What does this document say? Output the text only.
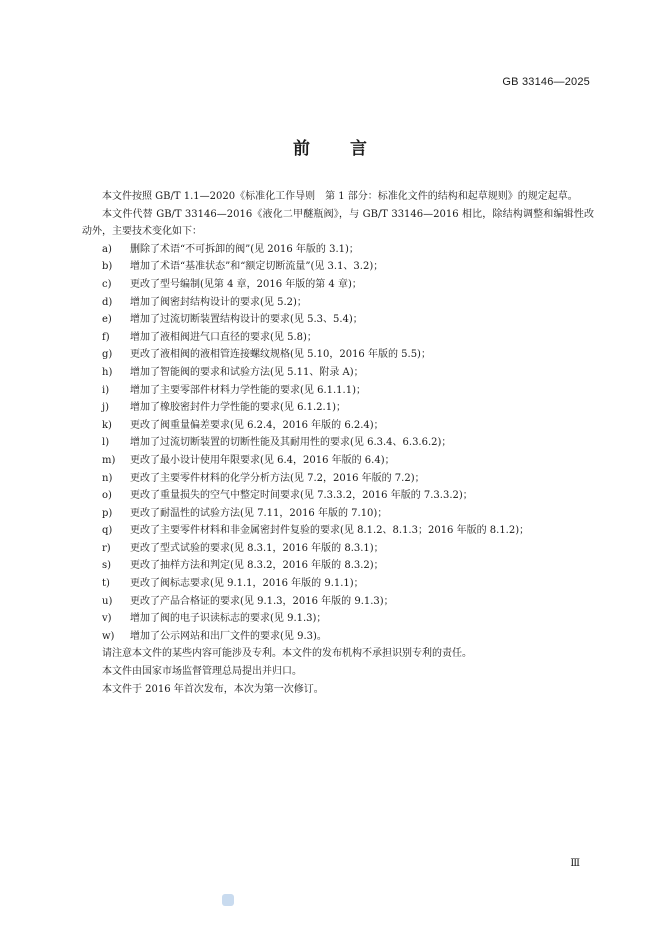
GB 33146—2025
前　　言

本文件按照 GB/T 1.1—2020《标准化工作导则　第 1 部分：标准化文件的结构和起草规则》的规定起草。

本文件代替 GB/T 33146—2016《液化二甲醚瓶阀》，与 GB/T 33146—2016 相比，除结构调整和编辑性改动外，主要技术变化如下：

a)	删除了术语“不可拆卸的阀”(见 2016 年版的 3.1)；
b)	增加了术语“基准状态”和“额定切断流量”(见 3.1、3.2)；
c)	更改了型号编制(见第 4 章，2016 年版的第 4 章)；
d)	增加了阀密封结构设计的要求(见 5.2)；
e)	增加了过流切断装置结构设计的要求(见 5.3、5.4)；
f)	增加了液相阀进气口直径的要求(见 5.8)；
g)	更改了液相阀的液相管连接螺纹规格(见 5.10，2016 年版的 5.5)；
h)	增加了智能阀的要求和试验方法(见 5.11、附录 A)；
i)	增加了主要零部件材料力学性能的要求(见 6.1.1.1)；
j)	增加了橡胶密封件力学性能的要求(见 6.1.2.1)；
k)	更改了阀重量偏差要求(见 6.2.4，2016 年版的 6.2.4)；
l)	增加了过流切断装置的切断性能及其耐用性的要求(见 6.3.4、6.3.6.2)；
m)	更改了最小设计使用年限要求(见 6.4，2016 年版的 6.4)；
n)	更改了主要零件材料的化学分析方法(见 7.2，2016 年版的 7.2)；
o)	更改了重量损失的空气中整定时间要求(见 7.3.3.2，2016 年版的 7.3.3.2)；
p)	更改了耐温性的试验方法(见 7.11，2016 年版的 7.10)；
q)	更改了主要零件材料和非金属密封件复验的要求(见 8.1.2、8.1.3；2016 年版的 8.1.2)；
r)	更改了型式试验的要求(见 8.3.1，2016 年版的 8.3.1)；
s)	更改了抽样方法和判定(见 8.3.2，2016 年版的 8.3.2)；
t)	更改了阀标志要求(见 9.1.1，2016 年版的 9.1.1)；
u)	更改了产品合格证的要求(见 9.1.3，2016 年版的 9.1.3)；
v)	增加了阀的电子识读标志的要求(见 9.1.3)；
w)	增加了公示网站和出厂文件的要求(见 9.3)。

请注意本文件的某些内容可能涉及专利。本文件的发布机构不承担识别专利的责任。

本文件由国家市场监督管理总局提出并归口。

本文件于 2016 年首次发布，本次为第一次修订。

Ⅲ
